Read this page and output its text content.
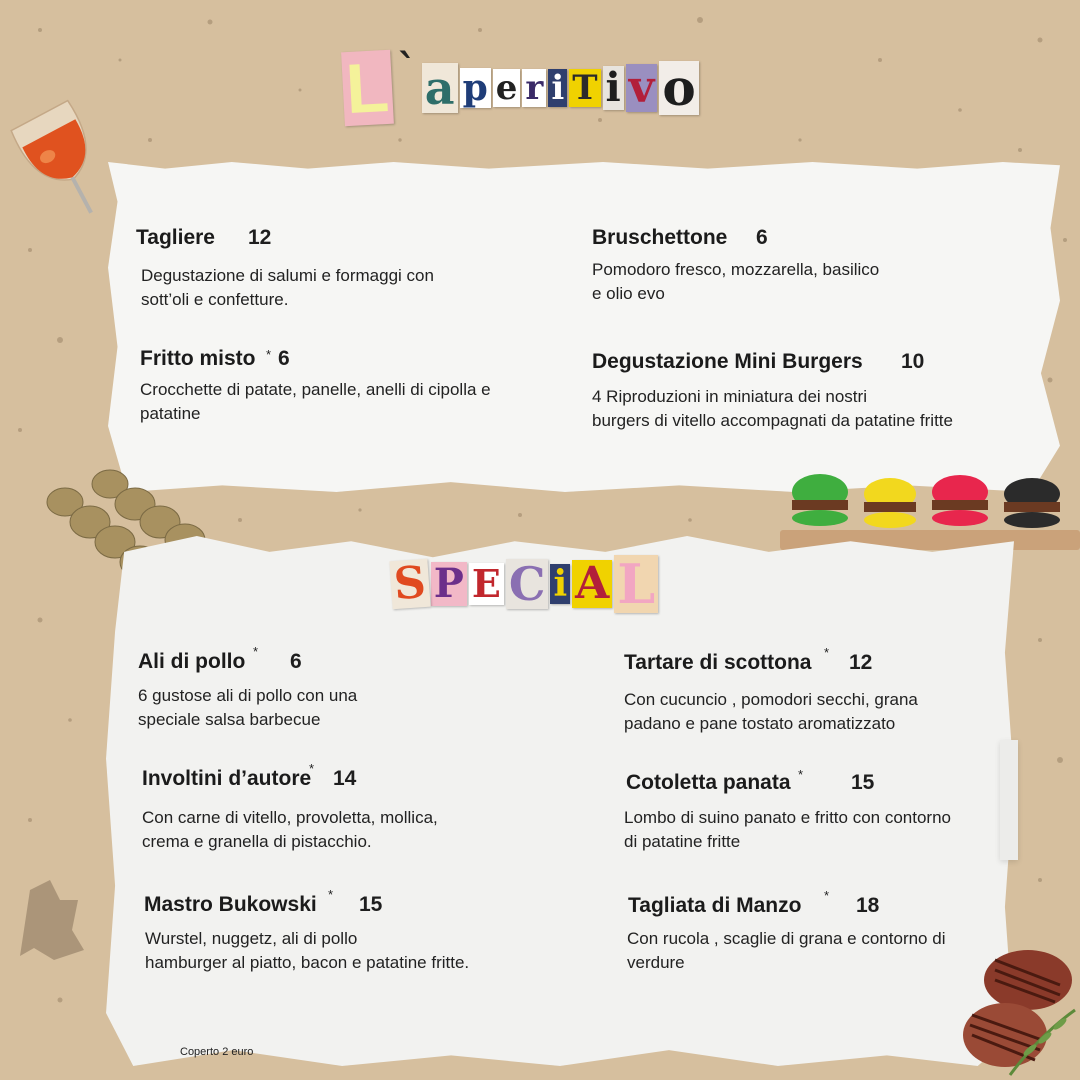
L ` a p e r i T i v o
Tagliere 12
Degustazione di salumi e formaggi con
sott’oli e confetture.
Bruschettone 6
Pomodoro fresco, mozzarella, basilico
e olio evo
Fritto misto * 6
Crocchette di patate, panelle, anelli di cipolla e
patatine
Degustazione Mini Burgers 10
4 Riproduzioni in miniatura dei nostri
burgers di vitello accompagnati da patatine fritte
S P E C i A L
Ali di pollo * 6
6 gustose ali di pollo con una
speciale salsa barbecue
Tartare di scottona * 12
Con cucuncio , pomodori secchi, grana
padano e pane tostato aromatizzato
Involtini d’autore
* 14
Con carne di vitello, provoletta, mollica,
crema e granella di pistacchio.
Cotoletta panata * 15
Lombo di suino panato e fritto con contorno
di patatine fritte
Mastro Bukowski * 15
Wurstel, nuggetz, ali di pollo
hamburger al piatto, bacon e patatine fritte.
Tagliata di Manzo * 18
Con rucola , scaglie di grana e contorno di
verdure
Coperto 2 euro
